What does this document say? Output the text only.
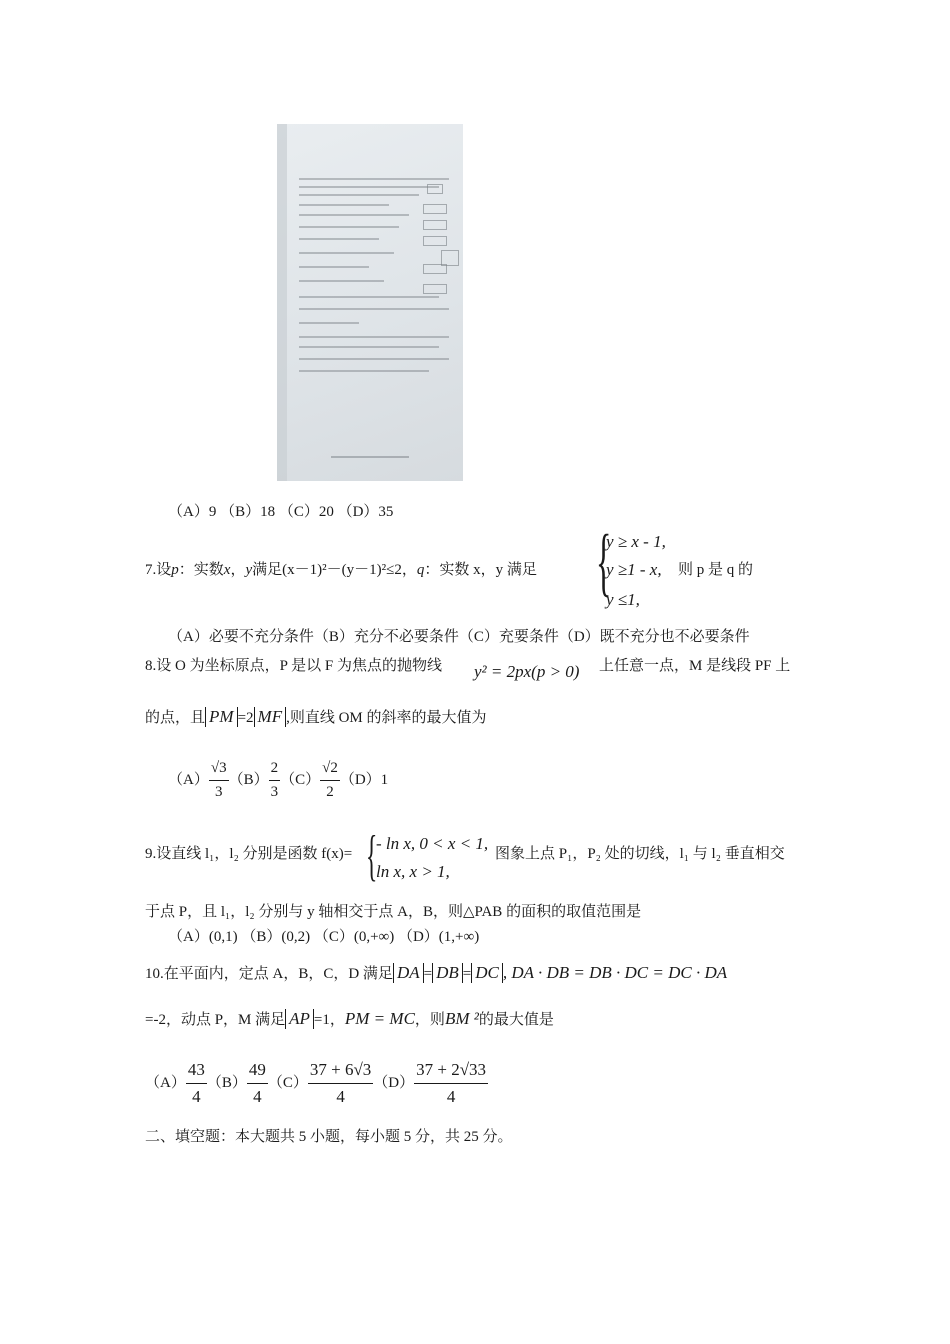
（A）9 （B）18 （C）20 （D）35
7.设p：实数x，y满足(x－1)²－(y－1)²≤2，q：实数 x，y 满足 {
y ≥ x - 1,
y ≥1 - x,
y ≤1,
则 p 是 q 的
（A）必要不充分条件（B）充分不必要条件（C）充要条件（D）既不充分也不必要条件
8.设 O 为坐标原点，P 是以 F 为焦点的抛物线 y² = 2px(p > 0) 上任意一点，M 是线段 PF 上
的点，且 PM =2 MF ,则直线 OM 的斜率的最大值为
$(A) \frac{√3}{3} (B) \frac{2}{3} (C) \frac{√2}{2} (D)1$
9.设直线 l₁，l₂ 分别是函数 f(x)= {
- ln x, 0 < x < 1,
ln x, x > 1,
图象上点 P₁，P₂ 处的切线，l₁ 与 l₂ 垂直相交
于点 P，且 l₁，l₂ 分别与 y 轴相交于点 A，B，则△PAB 的面积的取值范围是
（A）(0,1) （B）(0,2) （C）(0,+∞) （D）(1,+∞)
10.在平面内，定点 A，B，C，D 满足 DA = DB = DC , DA · DB = DB · DC = DC · DA
=-2，动点 P，M 满足 AP =1，PM = MC，则BM ²的最大值是
$(A) \frac{43}{4} (B) \frac{49}{4} (C) \frac{37 + 6√3}{4} (D) \frac{37 + 2√33}{4}$
二、填空题：本大题共 5 小题，每小题 5 分，共 25 分。
